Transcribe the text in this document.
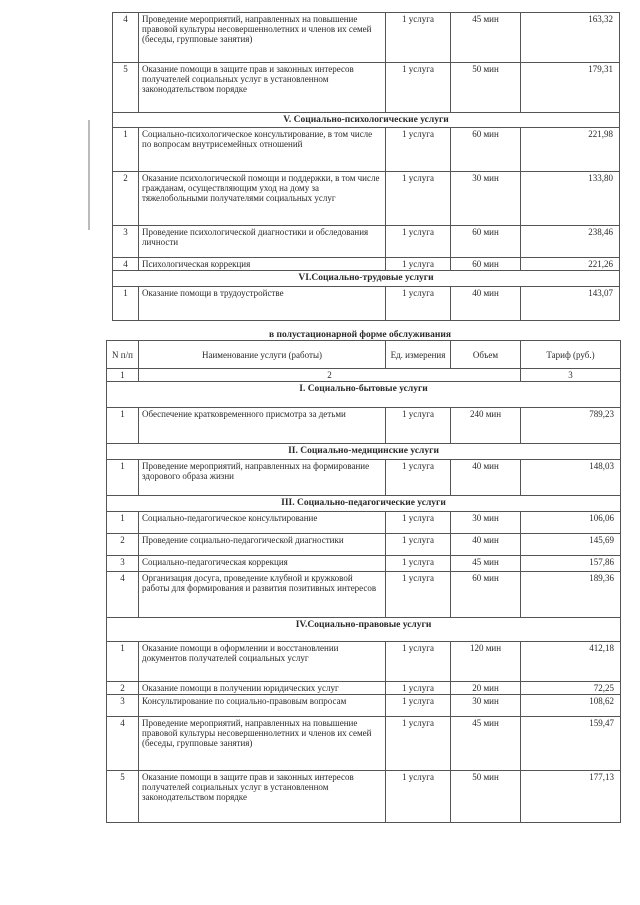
4	Проведение мероприятий, направленных на повышение правовой культуры несовершеннолетних и членов их семей (беседы, групповые занятия)	1 услуга	45 мин	163,32
5	Оказание помощи в защите прав и законных интересов получателей социальных услуг в установленном законодательством порядке	1 услуга	50 мин	179,31
V. Социально-психологические услуги				
1	Социально-психологическое консультирование, в том числе по вопросам внутрисемейных отношений	1 услуга	60 мин	221,98
2	Оказание психологической помощи и поддержки, в том числе гражданам, осуществляющим уход на дому за тяжелобольными получателями социальных услуг	1 услуга	30 мин	133,80
3	Проведение психологической диагностики и обследования личности	1 услуга	60 мин	238,46
4	Психологическая коррекция	1 услуга	60 мин	221,26
VI.Социально-трудовые услуги				
1	Оказание помощи в трудоустройстве	1 услуга	40 мин	143,07
в полустационарной форме обслуживания
N п/п	Наименование услуги (работы)	Ед. измерения	Объем	Тариф (руб.)
1	2			3
I. Социально-бытовые услуги				
1	Обеспечение кратковременного присмотра за детьми	1 услуга	240 мин	789,23
II. Социально-медицинские услуги				
1	Проведение мероприятий, направленных на формирование здорового образа жизни	1 услуга	40 мин	148,03
III. Социально-педагогические услуги				
1	Социально-педагогическое консультирование	1 услуга	30 мин	106,06
2	Проведение социально-педагогической диагностики	1 услуга	40 мин	145,69
3	Социально-педагогическая коррекция	1 услуга	45 мин	157,86
4	Организация досуга, проведение клубной и кружковой работы для формирования и развития позитивных интересов	1 услуга	60 мин	189,36
IV.Социально-правовые услуги				
1	Оказание помощи в оформлении и восстановлении документов получателей социальных услуг	1 услуга	120 мин	412,18
2	Оказание помощи в получении юридических услуг	1 услуга	20 мин	72,25
3	Консультирование по социально-правовым вопросам	1 услуга	30 мин	108,62
4	Проведение мероприятий, направленных на повышение правовой культуры несовершеннолетних и членов их семей (беседы, групповые занятия)	1 услуга	45 мин	159,47
5	Оказание помощи в защите прав и законных интересов получателей социальных услуг в установленном законодательством порядке	1 услуга	50 мин	177,13
